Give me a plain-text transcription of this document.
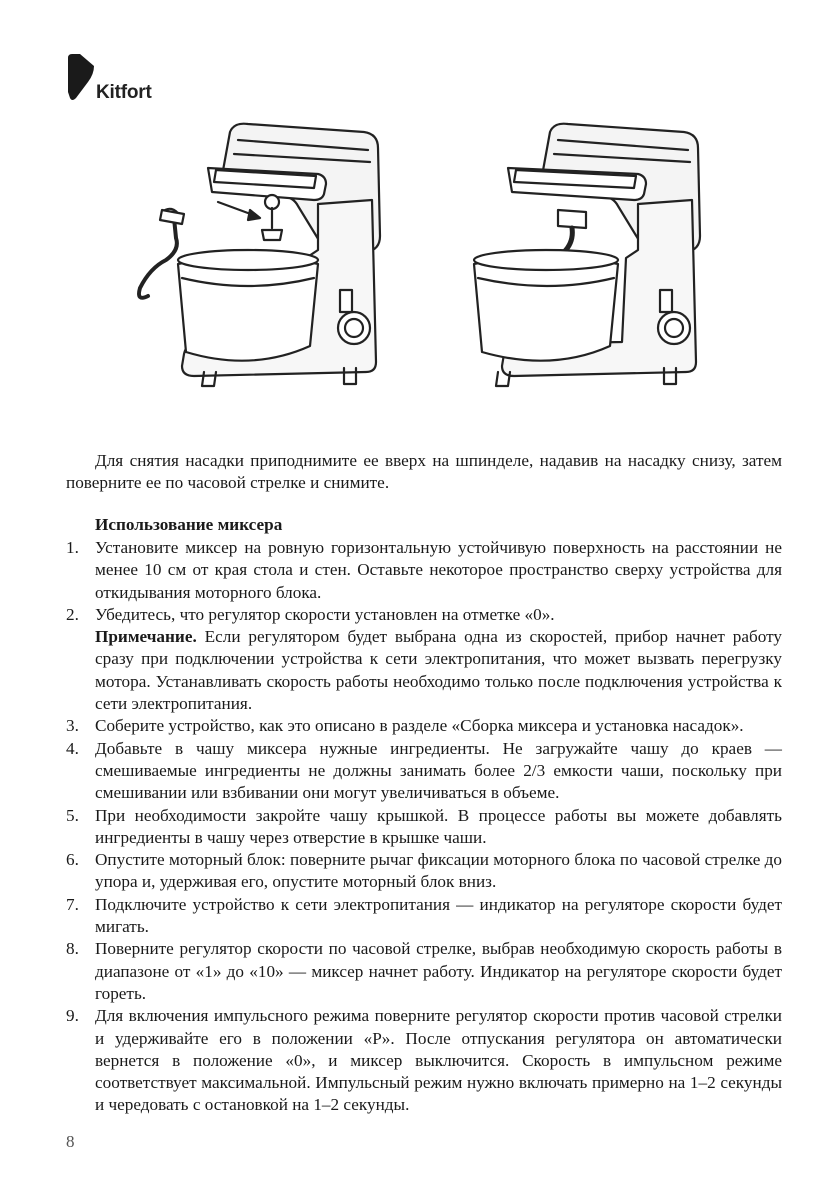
Kitfort

Для снятия насадки приподнимите ее вверх на шпинделе, надавив на насадку снизу, затем поверните ее по часовой стрелке и снимите.

Использование миксера
1. Установите миксер на ровную горизонтальную устойчивую поверхность на расстоянии не менее 10 см от края стола и стен. Оставьте некоторое пространство сверху устройства для откидывания моторного блока.
2. Убедитесь, что регулятор скорости установлен на отметке «0».
Примечание. Если регулятором будет выбрана одна из скоростей, прибор начнет работу сразу при подключении устройства к сети электропитания, что может вызвать перегрузку мотора. Устанавливать скорость работы необходимо только после подключения устройства к сети электропитания.
3. Соберите устройство, как это описано в разделе «Сборка миксера и установка насадок».
4. Добавьте в чашу миксера нужные ингредиенты. Не загружайте чашу до краев — смешиваемые ингредиенты не должны занимать более 2/3 емкости чаши, поскольку при смешивании или взбивании они могут увеличиваться в объеме.
5. При необходимости закройте чашу крышкой. В процессе работы вы можете добавлять ингредиенты в чашу через отверстие в крышке чаши.
6. Опустите моторный блок: поверните рычаг фиксации моторного блока по часовой стрелке до упора и, удерживая его, опустите моторный блок вниз.
7. Подключите устройство к сети электропитания — индикатор на регуляторе скорости будет мигать.
8. Поверните регулятор скорости по часовой стрелке, выбрав необходимую скорость работы в диапазоне от «1» до «10» — миксер начнет работу. Индикатор на регуляторе скорости будет гореть.
9. Для включения импульсного режима поверните регулятор скорости против часовой стрелки и удерживайте его в положении «P». После отпускания регулятора он автоматически вернется в положение «0», и миксер выключится. Скорость в импульсном режиме соответствует максимальной. Импульсный режим нужно включать примерно на 1–2 секунды и чередовать с остановкой на 1–2 секунды.
8
